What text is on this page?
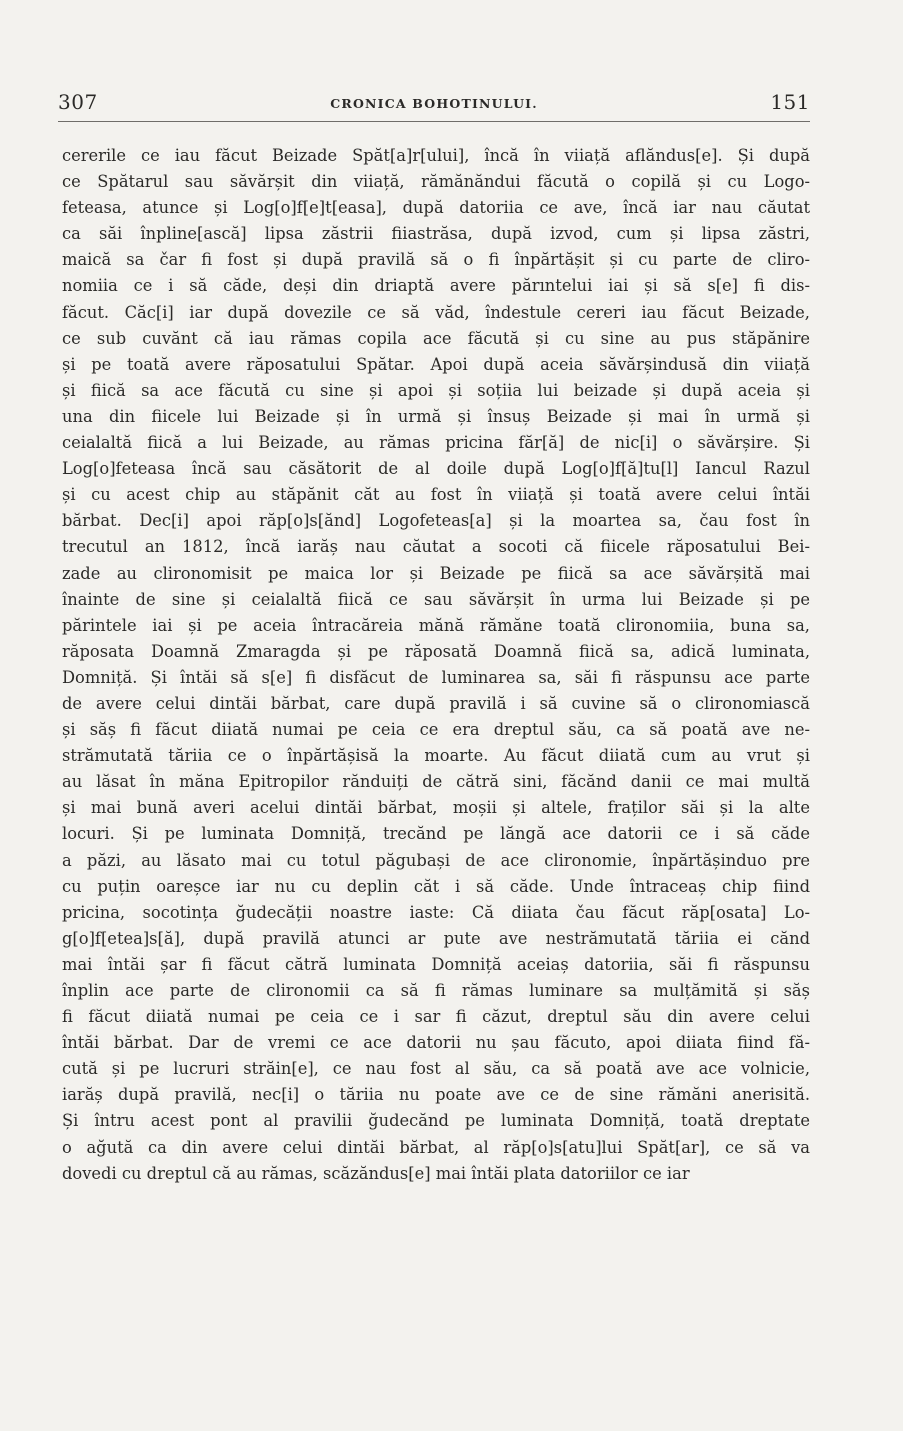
307	CRONICA BOHOTINULUI.	151
cererile ce iau făcut Beizade Spăt[a]r[ului], încă în viiață aflăndus[e]. Și după
ce Spătarul sau săvărșit din viiață, rămănăndui făcută o copilă și cu Logo-
feteasa, atunce și Log[o]f[e]t[easa], după datoriia ce ave, încă iar nau căutat
ca săi înpline[ască] lipsa zăstrii fiiastrăsa, după izvod, cum și lipsa zăstri,
maică sa čar fi fost și după pravilă să o fi înpărtășit și cu parte de cliro-
nomiia ce i să căde, deși din driaptă avere părıntelui iai și să s[e] fi dis-
făcut. Căc[i] iar după dovezile ce să văd, îndestule cereri iau făcut Beizade,
ce sub cuvănt că iau rămas copila ace făcută și cu sine au pus stăpănire
și pe toată avere răposatului Spătar. Apoi după aceia săvărșindusă din viiață
și fiică sa ace făcută cu sine și apoi și soțiia lui beizade și după aceia și
una din fiicele lui Beizade și în urmă și însuș Beizade și mai în urmă și
ceialaltă fiică a lui Beizade, au rămas pricina făr[ă] de nic[i] o săvărșire. Și
Log[o]feteasa încă sau căsătorit de al doile după Log[o]f[ă]tu[l] Iancul Razul
și cu acest chip au stăpănit căt au fost în viiață și toată avere celui întăi
bărbat. Dec[i] apoi răp[o]s[ănd] Logofeteas[a] și la moartea sa, čau fost în
trecutul an 1812, încă iarăș nau căutat a socoti că fiicele răposatului Bei-
zade au clironomisit pe maica lor și Beizade pe fiică sa ace săvărșită mai
înainte de sine și ceialaltă fiică ce sau săvărșit în urma lui Beizade și pe
părintele iai și pe aceia întracăreia mănă rămăne toată clironomiia, buna sa,
răposata Doamnă Zmaragda și pe răposată Doamnă fiică sa, adică luminata,
Domniță. Și întăi să s[e] fi disfăcut de luminarea sa, săi fi răspunsu ace parte
de avere celui dintăi bărbat, care după pravilă i să cuvine să o clironomiască
și săș fi făcut diiată numai pe ceia ce era dreptul său, ca să poată ave ne-
strămutată tăriia ce o înpărtășisă la moarte. Au făcut diiată cum au vrut și
au lăsat în măna Epitropilor rănduiți de cătră sini, făcănd danii ce mai multă
și mai bună averi acelui dintăi bărbat, moșii și altele, fraților săi și la alte
locuri. Și pe luminata Domniță, trecănd pe lăngă ace datorii ce i să căde
a păzi, au lăsato mai cu totul păgubași de ace clironomie, înpărtășinduo pre
cu puțin oareșce iar nu cu deplin căt i să căde. Unde întraceaș chip fiind
pricina, socotința ğudecății noastre iaste: Că diiata čau făcut răp[osata] Lo-
g[o]f[etea]s[ă], după pravilă atunci ar pute ave nestrămutată tăriia ei cănd
mai întăi șar fi făcut cătră luminata Domniță aceiaș datoriia, săi fi răspunsu
înplin ace parte de clironomii ca să fi rămas luminare sa mulțămită și săș
fi făcut diiată numai pe ceia ce i sar fi căzut, dreptul său din avere celui
întăi bărbat. Dar de vremi ce ace datorii nu șau făcuto, apoi diiata fiind fă-
cută și pe lucruri străin[e], ce nau fost al său, ca să poată ave ace volnicie,
iarăș după pravilă, nec[i] o tăriia nu poate ave ce de sine rămăni anerisită.
Și întru acest pont al pravilii ğudecănd pe luminata Domniță, toată dreptate
o ağută ca din avere celui dintăi bărbat, al răp[o]s[atu]lui Spăt[ar], ce să va
dovedi cu dreptul că au rămas, scăzăndus[e] mai întăi plata datoriilor ce iar
